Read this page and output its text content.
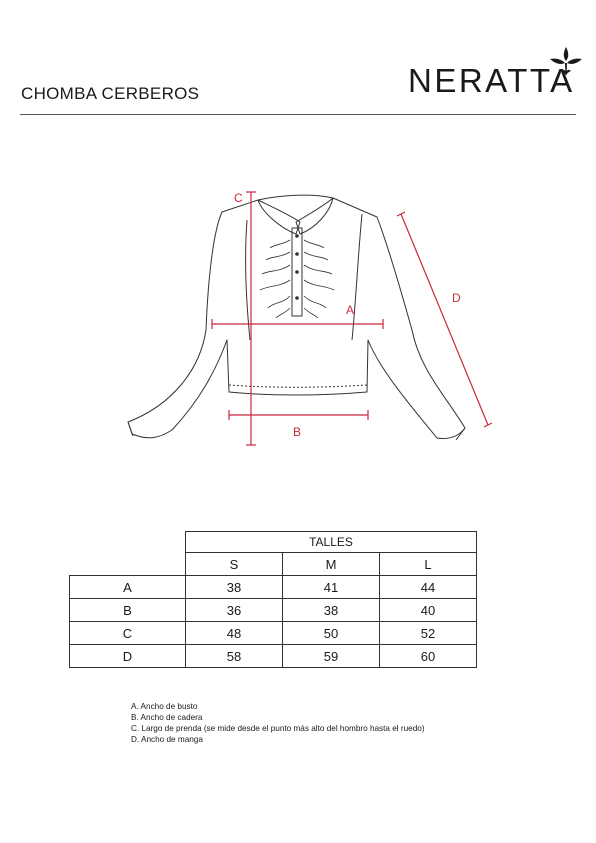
CHOMBA CERBEROS	NERATTA
C
A
B
D
	TALLES		
	S	M	L
A	38	41	44
B	36	38	40
C	48	50	52
D	58	59	60
A. Ancho de busto
B. Ancho de cadera
C. Largo de prenda (se mide desde el punto más alto del hombro hasta el ruedo)
D. Ancho de manga
